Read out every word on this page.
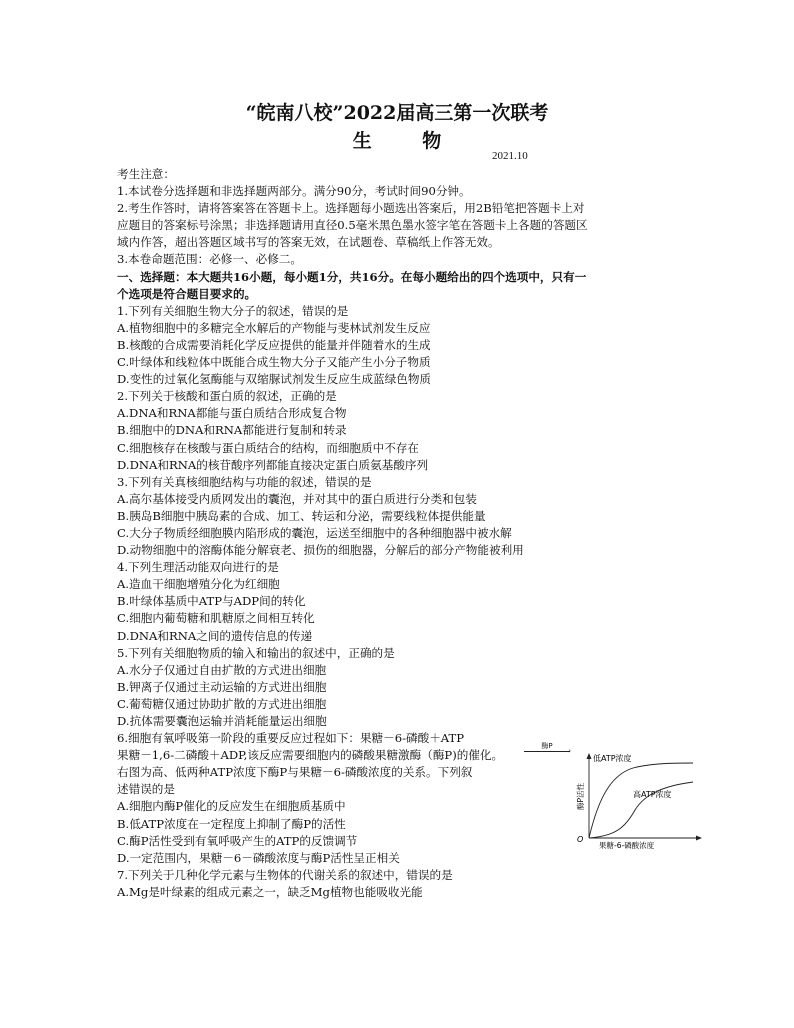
“皖南八校”2022届高三第一次联考
生 物
2021.10
考生注意：
1.本试卷分选择题和非选择题两部分。满分90分，考试时间90分钟。
2.考生作答时，请将答案答在答题卡上。选择题每小题选出答案后，用2B铅笔把答题卡上对
应题目的答案标号涂黑；非选择题请用直径0.5毫米黑色墨水签字笔在答题卡上各题的答题区
域内作答，超出答题区域书写的答案无效，在试题卷、草稿纸上作答无效。
3.本卷命题范围：必修一、必修二。
一、选择题：本大题共16小题，每小题1分，共16分。在每小题给出的四个选项中，只有一
个选项是符合题目要求的。
1.下列有关细胞生物大分子的叙述，错误的是
A.植物细胞中的多糖完全水解后的产物能与斐林试剂发生反应
B.核酸的合成需要消耗化学反应提供的能量并伴随着水的生成
C.叶绿体和线粒体中既能合成生物大分子又能产生小分子物质
D.变性的过氧化氢酶能与双缩脲试剂发生反应生成蓝绿色物质
2.下列关于核酸和蛋白质的叙述，正确的是
A.DNA和RNA都能与蛋白质结合形成复合物
B.细胞中的DNA和RNA都能进行复制和转录
C.细胞核存在核酸与蛋白质结合的结构，而细胞质中不存在
D.DNA和RNA的核苷酸序列都能直接决定蛋白质氨基酸序列
3.下列有关真核细胞结构与功能的叙述，错误的是
A.高尔基体接受内质网发出的囊泡，并对其中的蛋白质进行分类和包装
B.胰岛B细胞中胰岛素的合成、加工、转运和分泌，需要线粒体提供能量
C.大分子物质经细胞膜内陷形成的囊泡，运送至细胞中的各种细胞器中被水解
D.动物细胞中的溶酶体能分解衰老、损伤的细胞器，分解后的部分产物能被利用
4.下列生理活动能双向进行的是
A.造血干细胞增殖分化为红细胞
B.叶绿体基质中ATP与ADP间的转化
C.细胞内葡萄糖和肌糖原之间相互转化
D.DNA和RNA之间的遗传信息的传递
5.下列有关细胞物质的输入和输出的叙述中，正确的是
A.水分子仅通过自由扩散的方式进出细胞
B.钾离子仅通过主动运输的方式进出细胞
C.葡萄糖仅通过协助扩散的方式进出细胞
D.抗体需要囊泡运输并消耗能量运出细胞
6.细胞有氧呼吸第一阶段的重要反应过程如下：果糖－6-磷酸＋ATP
果糖－1,6-二磷酸＋ADP,该反应需要细胞内的磷酸果糖激酶（酶P)的催化。
右图为高、低两种ATP浓度下酶P与果糖－6-磷酸浓度的关系。下列叙
述错误的是
A.细胞内酶P催化的反应发生在细胞质基质中
B.低ATP浓度在一定程度上抑制了酶P的活性
C.酶P活性受到有氧呼吸产生的ATP的反馈调节
D.一定范围内，果糖－6－磷酸浓度与酶P活性呈正相关
7.下列关于几种化学元素与生物体的代谢关系的叙述中，错误的是
A.Mg是叶绿素的组成元素之一，缺乏Mg植物也能吸收光能
低ATP浓度
高ATP浓度
O
果糖-6-磷酸浓度
酶P活性
酶P
›
